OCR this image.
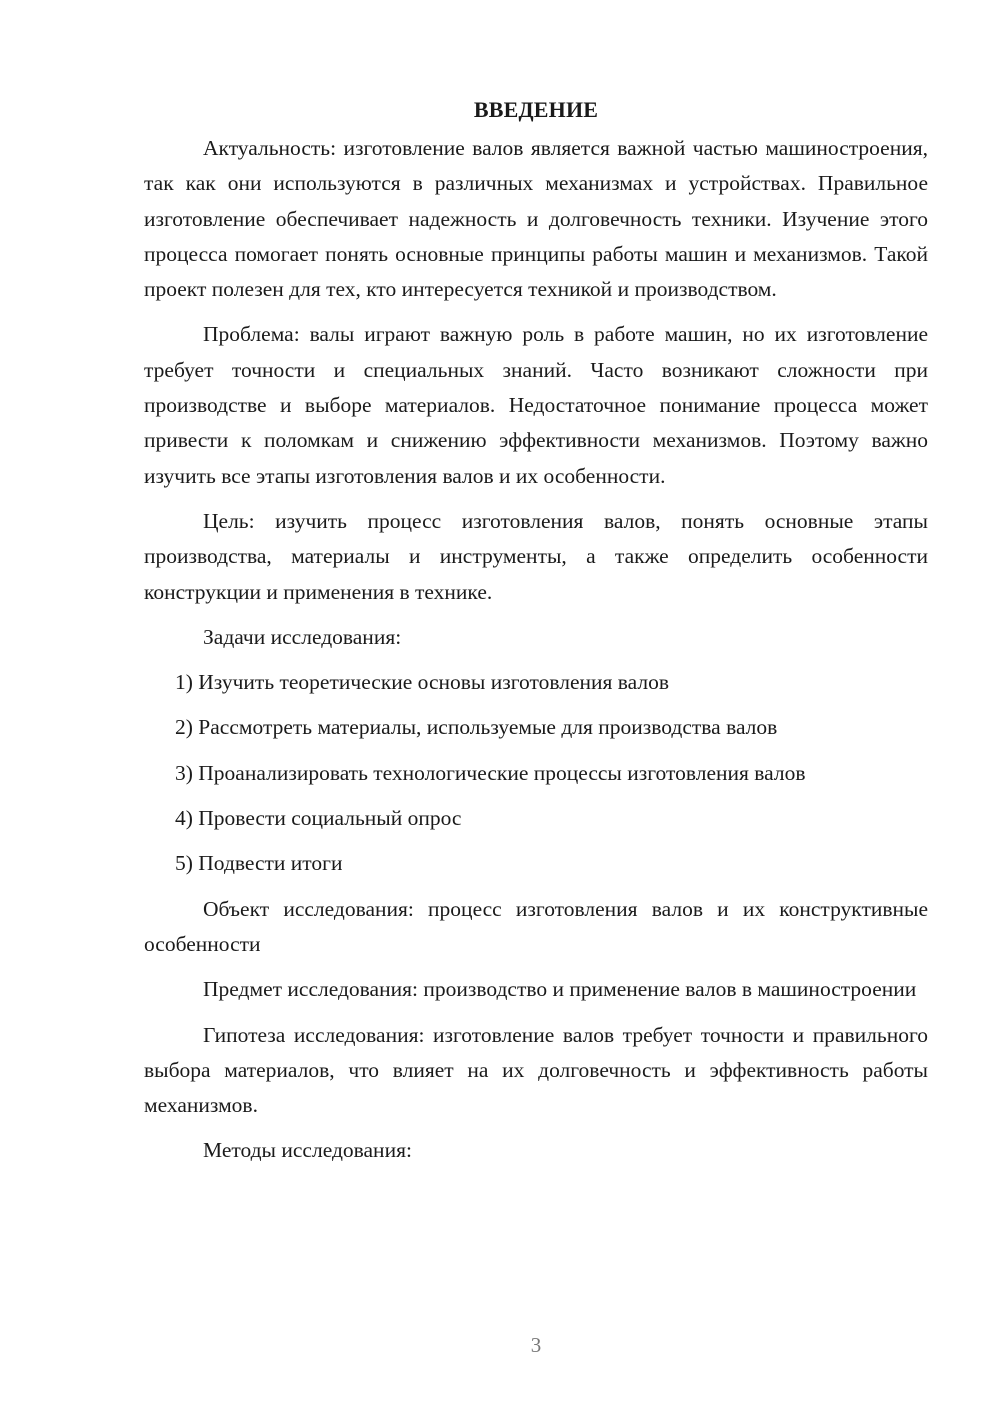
ВВЕДЕНИЕ

Актуальность: изготовление валов является важной частью машиностроения, так как они используются в различных механизмах и устройствах. Правильное изготовление обеспечивает надежность и долговечность техники. Изучение этого процесса помогает понять основные принципы работы машин и механизмов. Такой проект полезен для тех, кто интересуется техникой и производством.

Проблема: валы играют важную роль в работе машин, но их изготовление требует точности и специальных знаний. Часто возникают сложности при производстве и выборе материалов. Недостаточное понимание процесса может привести к поломкам и снижению эффективности механизмов. Поэтому важно изучить все этапы изготовления валов и их особенности.

Цель: изучить процесс изготовления валов, понять основные этапы производства, материалы и инструменты, а также определить особенности конструкции и применения в технике.

Задачи исследования:

1) Изучить теоретические основы изготовления валов
2) Рассмотреть материалы, используемые для производства валов
3) Проанализировать технологические процессы изготовления валов
4) Провести социальный опрос
5) Подвести итоги

Объект исследования: процесс изготовления валов и их конструктивные особенности

Предмет исследования: производство и применение валов в машиностроении

Гипотеза исследования: изготовление валов требует точности и правильного выбора материалов, что влияет на их долговечность и эффективность работы механизмов.

Методы исследования:

3
